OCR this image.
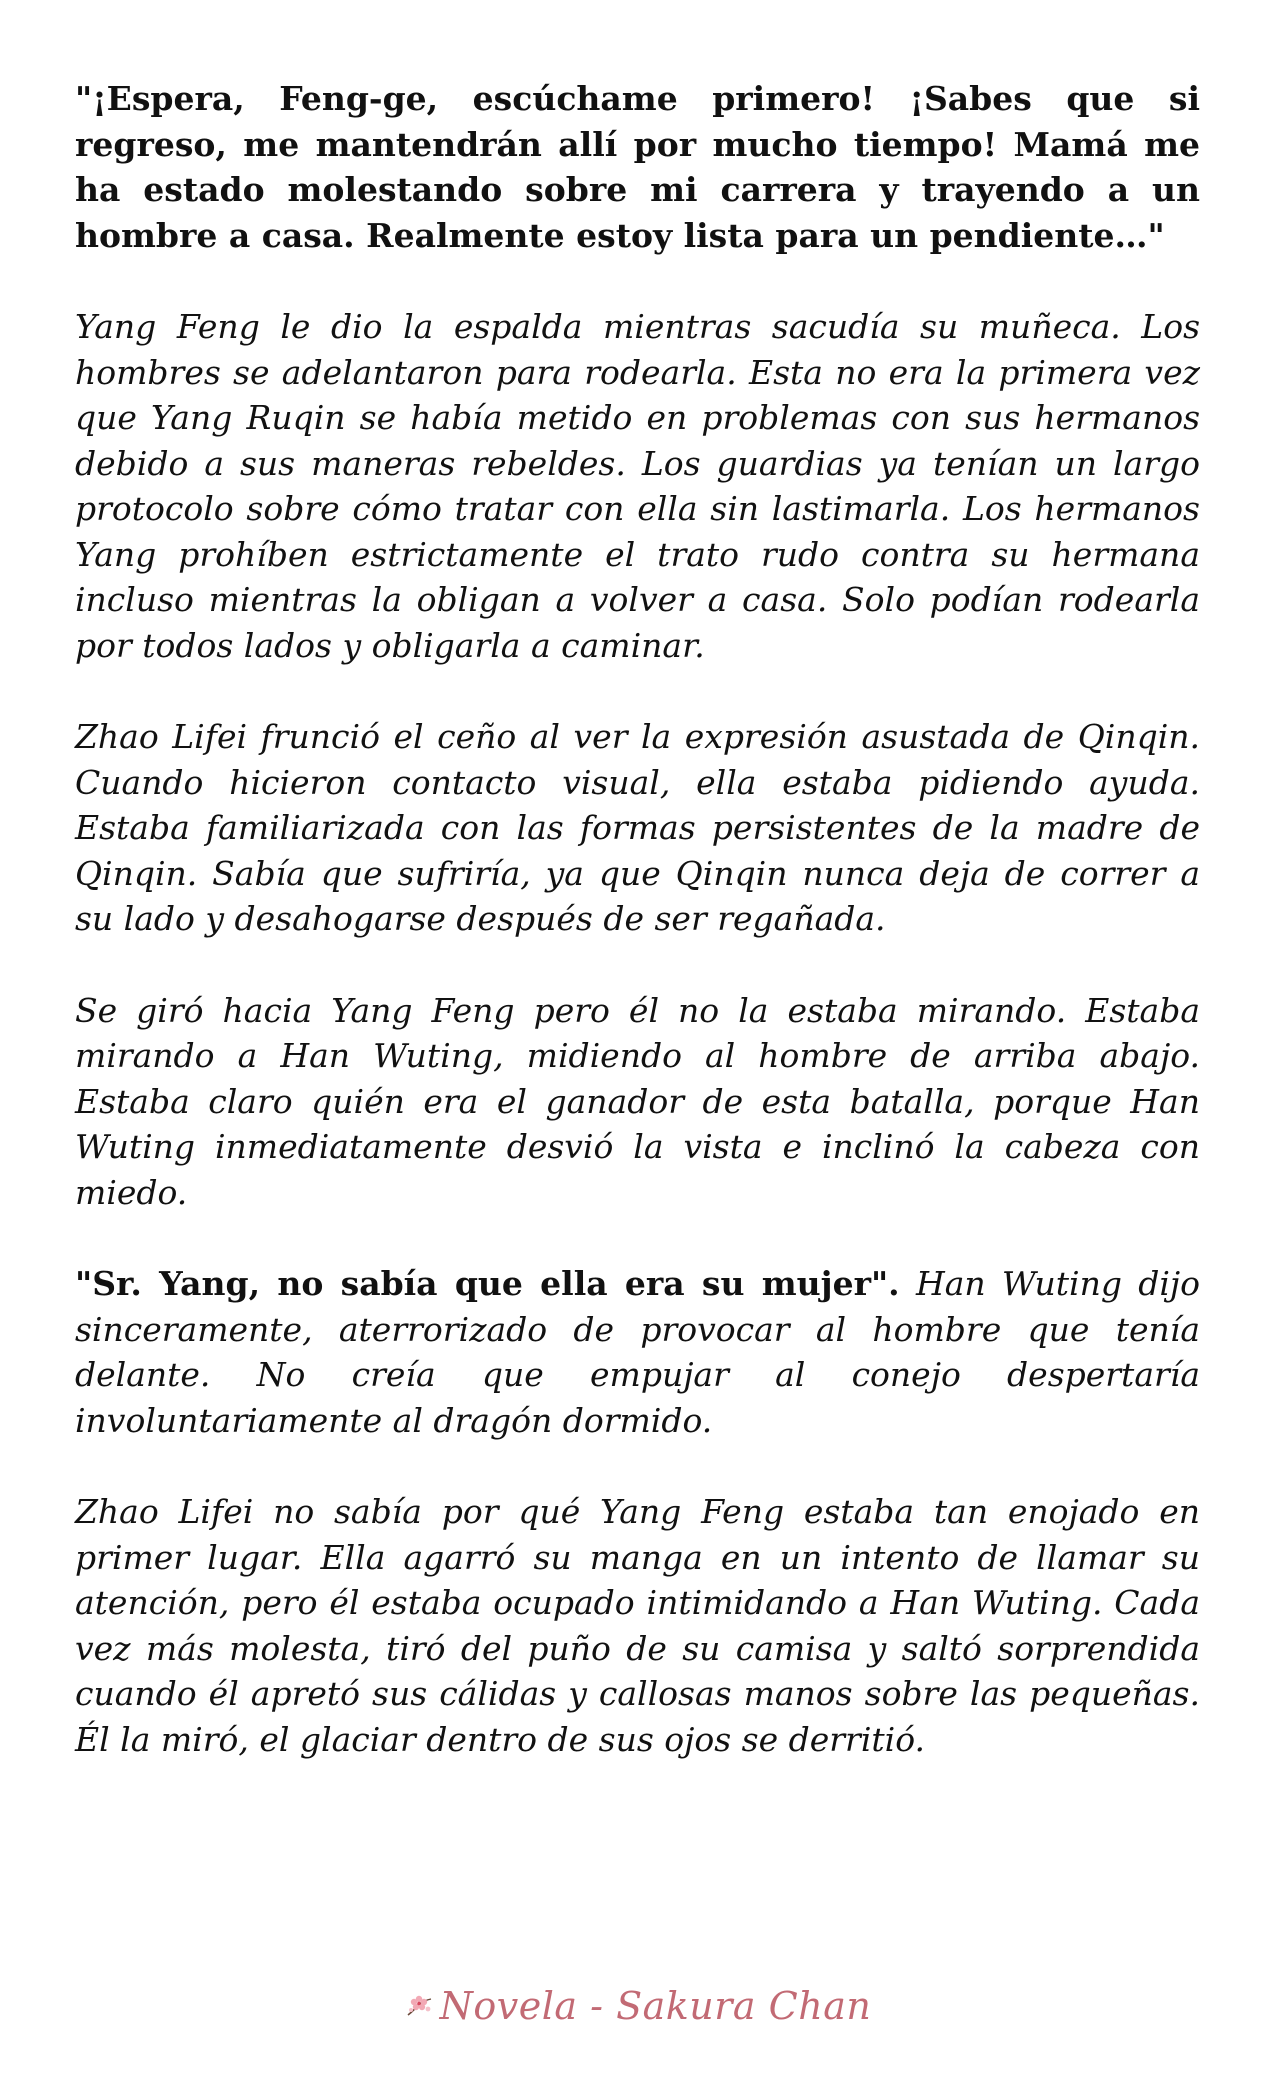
"¡Espera, Feng-ge, escúchame primero! ¡Sabes que si regreso, me mantendrán allí por mucho tiempo! Mamá me ha estado molestando sobre mi carrera y trayendo a un hombre a casa. Realmente estoy lista para un pendiente…"

Yang Feng le dio la espalda mientras sacudía su muñeca. Los hombres se adelantaron para rodearla. Esta no era la primera vez que Yang Ruqin se había metido en problemas con sus hermanos debido a sus maneras rebeldes. Los guardias ya tenían un largo protocolo sobre cómo tratar con ella sin lastimarla. Los hermanos Yang prohíben estrictamente el trato rudo contra su hermana incluso mientras la obligan a volver a casa. Solo podían rodearla por todos lados y obligarla a caminar.

Zhao Lifei frunció el ceño al ver la expresión asustada de Qinqin. Cuando hicieron contacto visual, ella estaba pidiendo ayuda. Estaba familiarizada con las formas persistentes de la madre de Qinqin. Sabía que sufriría, ya que Qinqin nunca deja de correr a su lado y desahogarse después de ser regañada.

Se giró hacia Yang Feng pero él no la estaba mirando. Estaba mirando a Han Wuting, midiendo al hombre de arriba abajo. Estaba claro quién era el ganador de esta batalla, porque Han Wuting inmediatamente desvió la vista e inclinó la cabeza con miedo.

"Sr. Yang, no sabía que ella era su mujer". Han Wuting dijo sinceramente, aterrorizado de provocar al hombre que tenía delante. No creía que empujar al conejo despertaría involuntariamente al dragón dormido.

Zhao Lifei no sabía por qué Yang Feng estaba tan enojado en primer lugar. Ella agarró su manga en un intento de llamar su atención, pero él estaba ocupado intimidando a Han Wuting. Cada vez más molesta, tiró del puño de su camisa y saltó sorprendida cuando él apretó sus cálidas y callosas manos sobre las pequeñas. Él la miró, el glaciar dentro de sus ojos se derritió.

Novela - Sakura Chan
